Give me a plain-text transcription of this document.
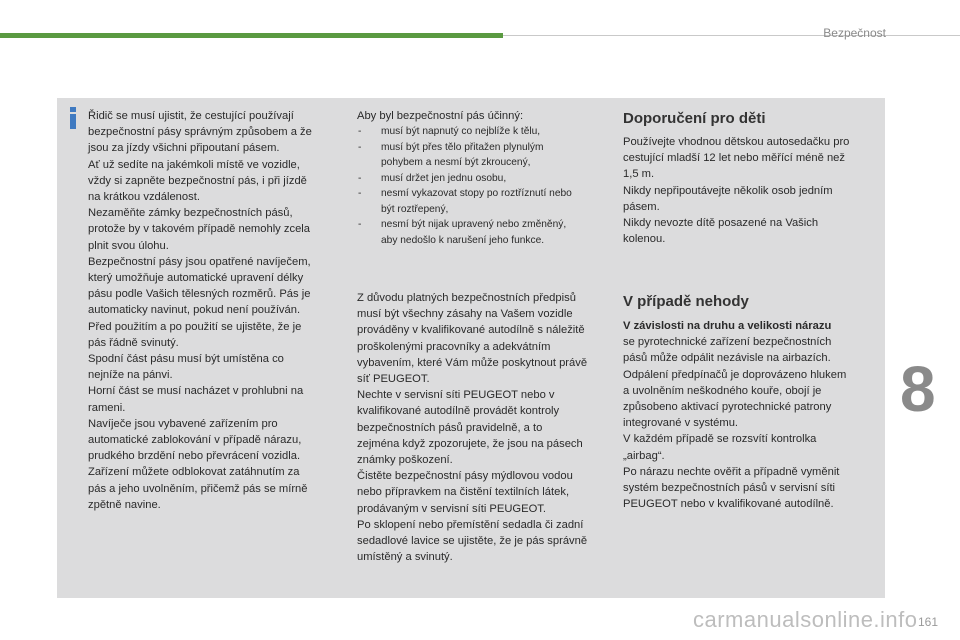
Bezpečnost

Řidič se musí ujistit, že cestující používají

bezpečnostní pásy správným způsobem a že

jsou za jízdy všichni připoutaní pásem.

Ať už sedíte na jakémkoli místě ve vozidle,

vždy si zapněte bezpečnostní pás, i při jízdě

na krátkou vzdálenost.

Nezaměňte zámky bezpečnostních pásů,

protože by v takovém případě nemohly zcela

plnit svou úlohu.

Bezpečnostní pásy jsou opatřené navíječem,

který umožňuje automatické upravení délky

pásu podle Vašich tělesných rozměrů. Pás je

automaticky navinut, pokud není používán.

Před použitím a po použití se ujistěte, že je

pás řádně svinutý.

Spodní část pásu musí být umístěna co

nejníže na pánvi.

Horní část se musí nacházet v prohlubni na

rameni.

Navíječe jsou vybavené zařízením pro

automatické zablokování v případě nárazu,

prudkého brzdění nebo převrácení vozidla.

Zařízení můžete odblokovat zatáhnutím za

pás a jeho uvolněním, přičemž pás se mírně

zpětně navine.

Aby byl bezpečnostní pás účinný:

- musí být napnutý co nejblíže k tělu,
- musí být přes tělo přitažen plynulým
pohybem a nesmí být zkroucený,
- musí držet jen jednu osobu,
- nesmí vykazovat stopy po roztříznutí nebo
být roztřepený,
- nesmí být nijak upravený nebo změněný,
aby nedošlo k narušení jeho funkce.

Z důvodu platných bezpečnostních předpisů

musí být všechny zásahy na Vašem vozidle

prováděny v kvalifikované autodílně s náležitě

proškolenými pracovníky a adekvátním

vybavením, které Vám může poskytnout právě

síť PEUGEOT.

Nechte v servisní síti PEUGEOT nebo v

kvalifikované autodílně provádět kontroly

bezpečnostních pásů pravidelně, a to

zejména když zpozorujete, že jsou na pásech

známky poškození.

Čistěte bezpečnostní pásy mýdlovou vodou

nebo přípravkem na čistění textilních látek,

prodávaným v servisní síti PEUGEOT.

Po sklopení nebo přemístění sedadla či zadní

sedadlové lavice se ujistěte, že je pás správně

umístěný a svinutý.

Doporučení pro děti

Používejte vhodnou dětskou autosedačku pro

cestující mladší 12 let nebo měřící méně než

1,5 m.

Nikdy nepřipoutávejte několik osob jedním

pásem.

Nikdy nevozte dítě posazené na Vašich

kolenou.

V případě nehody

V závislosti na druhu a velikosti nárazu

se pyrotechnické zařízení bezpečnostních

pásů může odpálit nezávisle na airbazích.

Odpálení předpínačů je doprovázeno hlukem

a uvolněním neškodného kouře, obojí je

způsobeno aktivací pyrotechnické patrony

integrované v systému.

V každém případě se rozsvítí kontrolka

„airbag“.

Po nárazu nechte ověřit a případně vyměnit

systém bezpečnostních pásů v servisní síti

PEUGEOT nebo v kvalifikované autodílně.

8
carmanualsonline.info 161
